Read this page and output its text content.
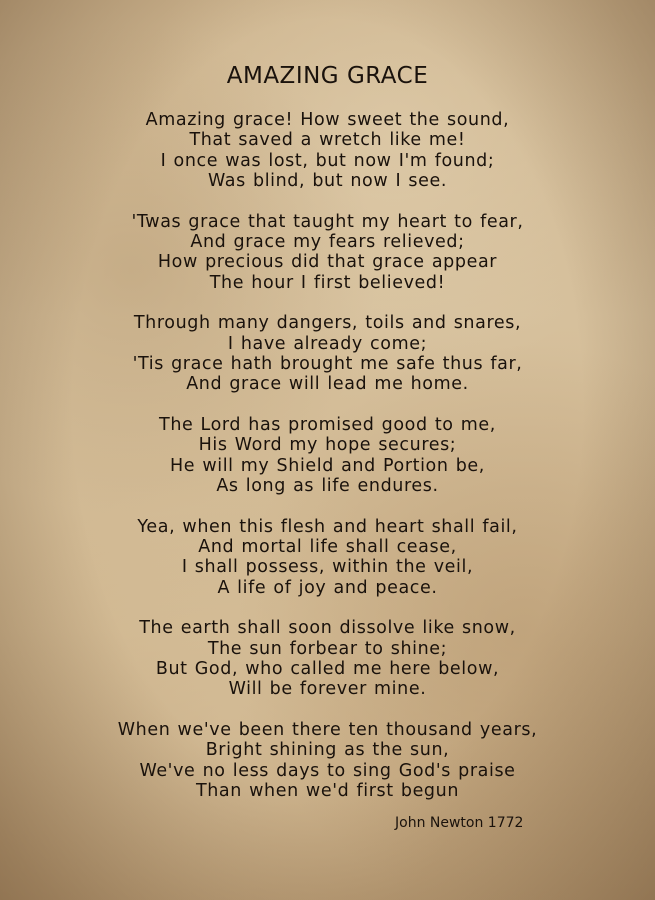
AMAZING GRACE
Amazing grace! How sweet the sound,
That saved a wretch like me!
I once was lost, but now I'm found;
Was blind, but now I see.
'Twas grace that taught my heart to fear,
And grace my fears relieved;
How precious did that grace appear
The hour I first believed!
Through many dangers, toils and snares,
I have already come;
'Tis grace hath brought me safe thus far,
And grace will lead me home.
The Lord has promised good to me,
His Word my hope secures;
He will my Shield and Portion be,
As long as life endures.
Yea, when this flesh and heart shall fail,
And mortal life shall cease,
I shall possess, within the veil,
A life of joy and peace.
The earth shall soon dissolve like snow,
The sun forbear to shine;
But God, who called me here below,
Will be forever mine.
When we've been there ten thousand years,
Bright shining as the sun,
We've no less days to sing God's praise
Than when we'd first begun
John Newton 1772
